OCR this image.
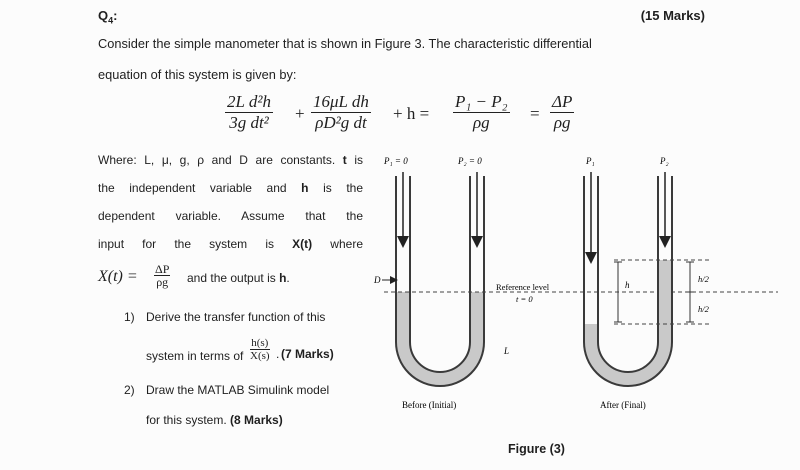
$Q_4$:	(15 Marks)
Consider the simple manometer that is shown in Figure 3. The characteristic differential
equation of this system is given by:
$\frac{\text{2L d²h}}{\text{3g dt²}} + \frac{\text{16μL dh}}{\text{ρD²g dt}} + h = \frac{\text{P₁ − P₂}}{\rho g} = \frac{\Delta P}{\rho g}$
Where: L, μ, g, ρ and D are constants. t is
the independent variable and h is the
dependent variable. Assume that the
input for the system is X(t) where
$X(t) = \frac{\Delta P}{\rho g}$ and the output is h.
1) Derive the transfer function of this
system in terms of $\frac{h(s)}{X(s)}$ . (7 Marks)
2) Draw the MATLAB Simulink model
for this system. (8 Marks)
P₁ = 0	P₂ = 0
D
Reference level
t = 0
L
Before (Initial)
P₁	P₂
h
h/2
h/2
After (Final)
Figure (3)
